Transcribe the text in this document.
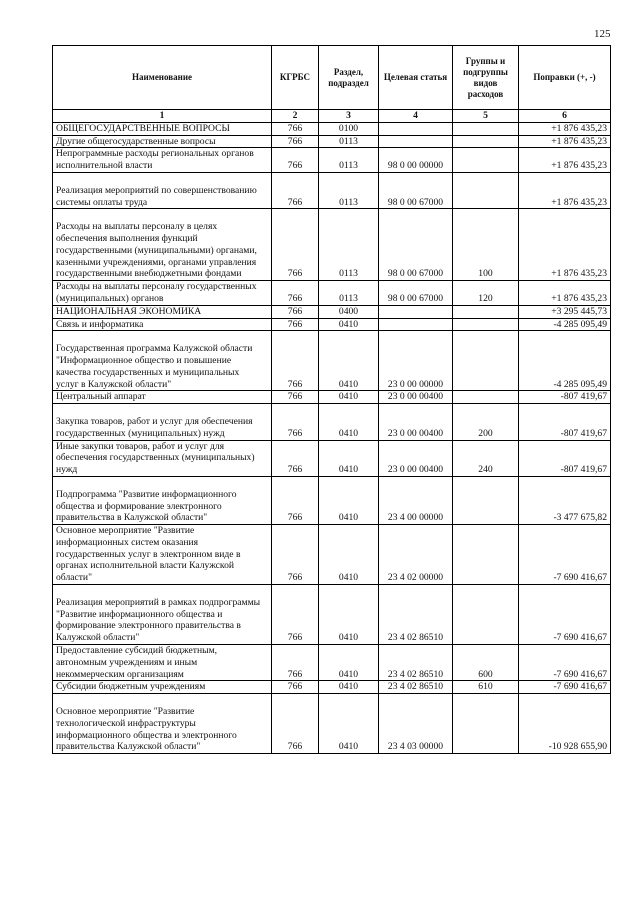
125
Наименование	КГРБС	Раздел, подраздел	Целевая статья	Группы и подгруппы видов расходов	Поправки (+, -)
1	2	3	4	5	6
ОБЩЕГОСУДАРСТВЕННЫЕ ВОПРОСЫ	766	0100			+1 876 435,23
Другие общегосударственные вопросы	766	0113			+1 876 435,23
Непрограммные расходы региональных органов
исполнительной власти	766	0113	98 0 00 00000		+1 876 435,23

Реализация мероприятий по совершенствованию
системы оплаты труда	766	0113	98 0 00 67000		+1 876 435,23

Расходы на выплаты персоналу в целях
обеспечения выполнения функций
государственными (муниципальными) органами,
казенными учреждениями, органами управления
государственными внебюджетными фондами	766	0113	98 0 00 67000	100	+1 876 435,23
Расходы на выплаты персоналу государственных
(муниципальных) органов	766	0113	98 0 00 67000	120	+1 876 435,23
НАЦИОНАЛЬНАЯ ЭКОНОМИКА	766	0400			+3 295 445,73
Связь и информатика	766	0410			-4 285 095,49

Государственная программа Калужской области
"Информационное общество и повышение
качества государственных и муниципальных
услуг в Калужской области"	766	0410	23 0 00 00000		-4 285 095,49
Центральный аппарат	766	0410	23 0 00 00400		-807 419,67

Закупка товаров, работ и услуг для обеспечения
государственных (муниципальных) нужд	766	0410	23 0 00 00400	200	-807 419,67
Иные закупки товаров, работ и услуг для
обеспечения государственных (муниципальных)
нужд	766	0410	23 0 00 00400	240	-807 419,67

Подпрограмма "Развитие информационного
общества и формирование электронного
правительства в Калужской области"	766	0410	23 4 00 00000		-3 477 675,82
Основное мероприятие "Развитие
информационных систем оказания
государственных услуг в электронном виде в
органах исполнительной власти Калужской
области"	766	0410	23 4 02 00000		-7 690 416,67

Реализация мероприятий в рамках подпрограммы
"Развитие информационного общества и
формирование электронного правительства в
Калужской области"	766	0410	23 4 02 86510		-7 690 416,67
Предоставление субсидий бюджетным,
автономным учреждениям и иным
некоммерческим организациям	766	0410	23 4 02 86510	600	-7 690 416,67
Субсидии бюджетным учреждениям	766	0410	23 4 02 86510	610	-7 690 416,67

Основное мероприятие "Развитие
технологической инфраструктуры
информационного общества и электронного
правительства Калужской области"	766	0410	23 4 03 00000		-10 928 655,90
